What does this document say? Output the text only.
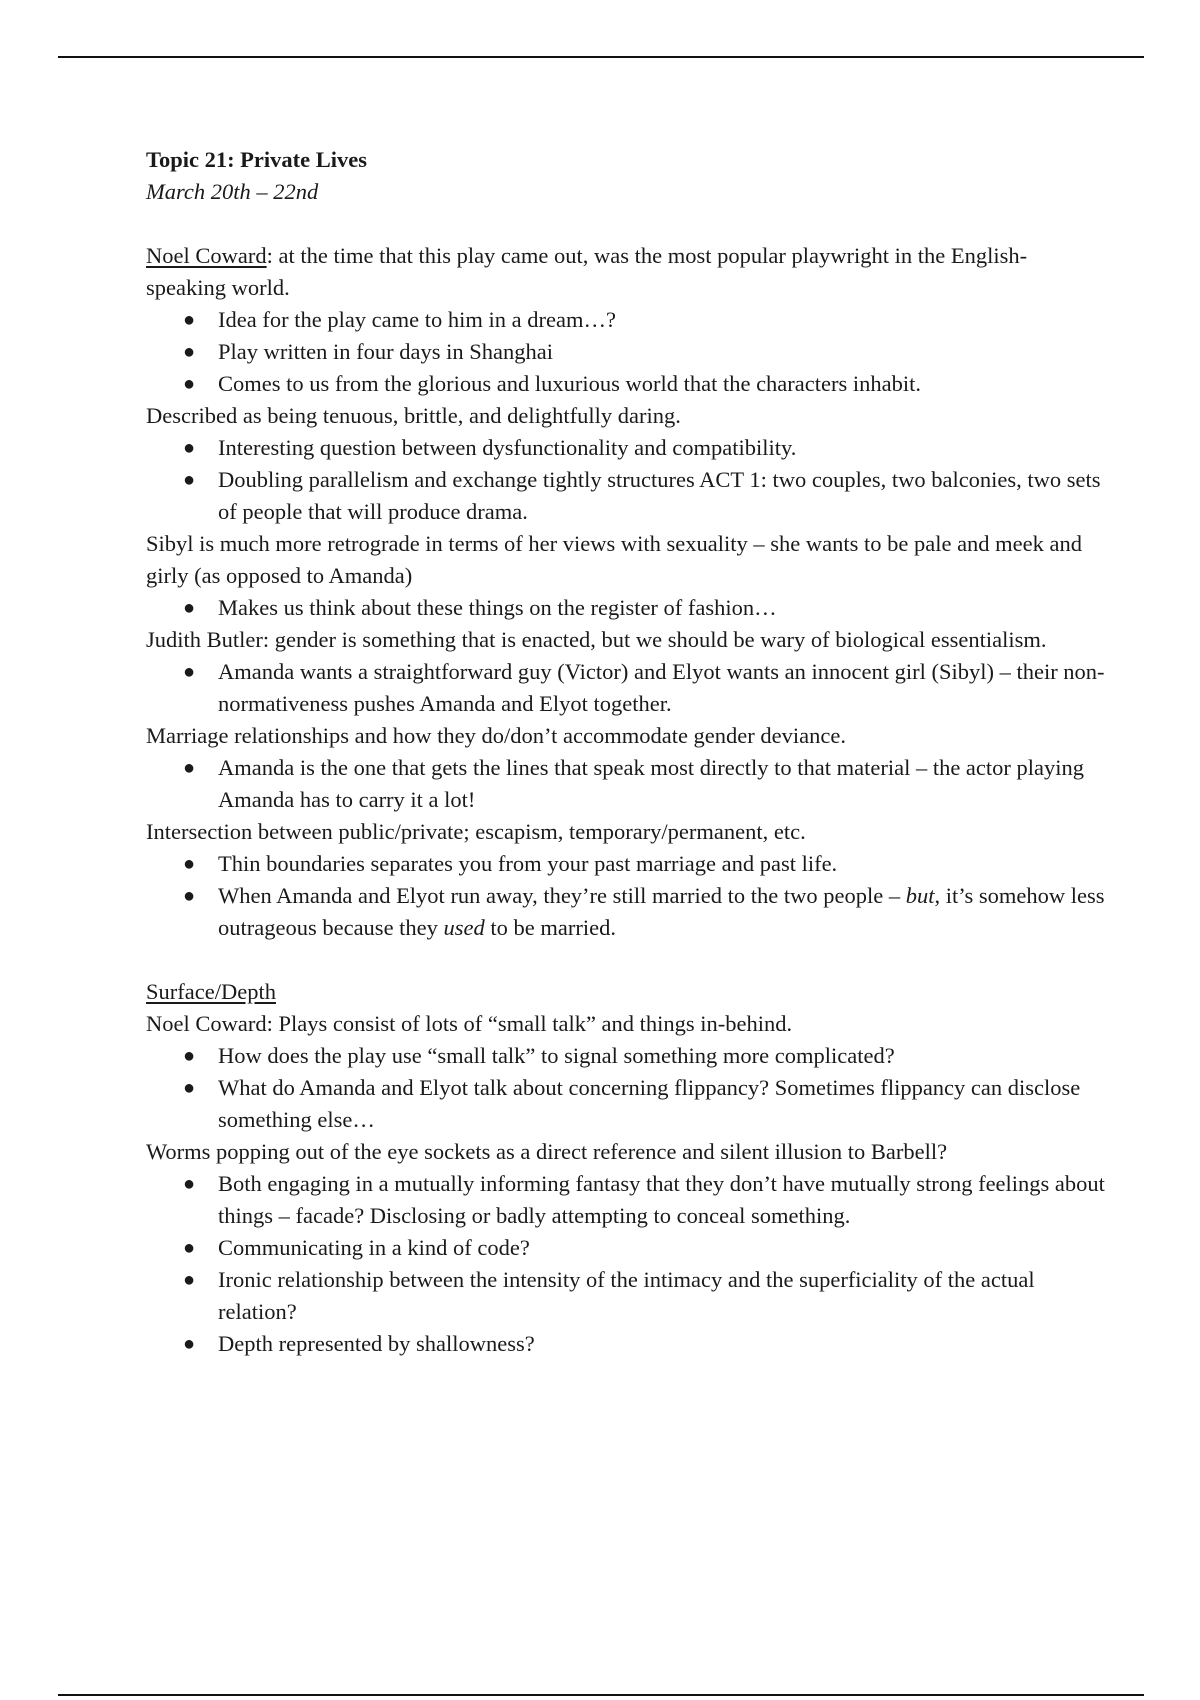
Topic 21: Private Lives

March 20th – 22nd

Noel Coward: at the time that this play came out, was the most popular playwright in the English-speaking world.

● Idea for the play came to him in a dream…?
● Play written in four days in Shanghai
● Comes to us from the glorious and luxurious world that the characters inhabit.

Described as being tenuous, brittle, and delightfully daring.

● Interesting question between dysfunctionality and compatibility.
● Doubling parallelism and exchange tightly structures ACT 1: two couples, two balconies, two sets of people that will produce drama.

Sibyl is much more retrograde in terms of her views with sexuality – she wants to be pale and meek and girly (as opposed to Amanda)

● Makes us think about these things on the register of fashion…

Judith Butler: gender is something that is enacted, but we should be wary of biological essentialism.

● Amanda wants a straightforward guy (Victor) and Elyot wants an innocent girl (Sibyl) – their non-normativeness pushes Amanda and Elyot together.

Marriage relationships and how they do/don’t accommodate gender deviance.

● Amanda is the one that gets the lines that speak most directly to that material – the actor playing Amanda has to carry it a lot!

Intersection between public/private; escapism, temporary/permanent, etc.

● Thin boundaries separates you from your past marriage and past life.
● When Amanda and Elyot run away, they’re still married to the two people – but, it’s somehow less outrageous because they used to be married.

Surface/Depth

Noel Coward: Plays consist of lots of “small talk” and things in-behind.

● How does the play use “small talk” to signal something more complicated?
● What do Amanda and Elyot talk about concerning flippancy? Sometimes flippancy can disclose something else…

Worms popping out of the eye sockets as a direct reference and silent illusion to Barbell?

● Both engaging in a mutually informing fantasy that they don’t have mutually strong feelings about things – facade? Disclosing or badly attempting to conceal something.
● Communicating in a kind of code?
● Ironic relationship between the intensity of the intimacy and the superficiality of the actual relation?
● Depth represented by shallowness?
